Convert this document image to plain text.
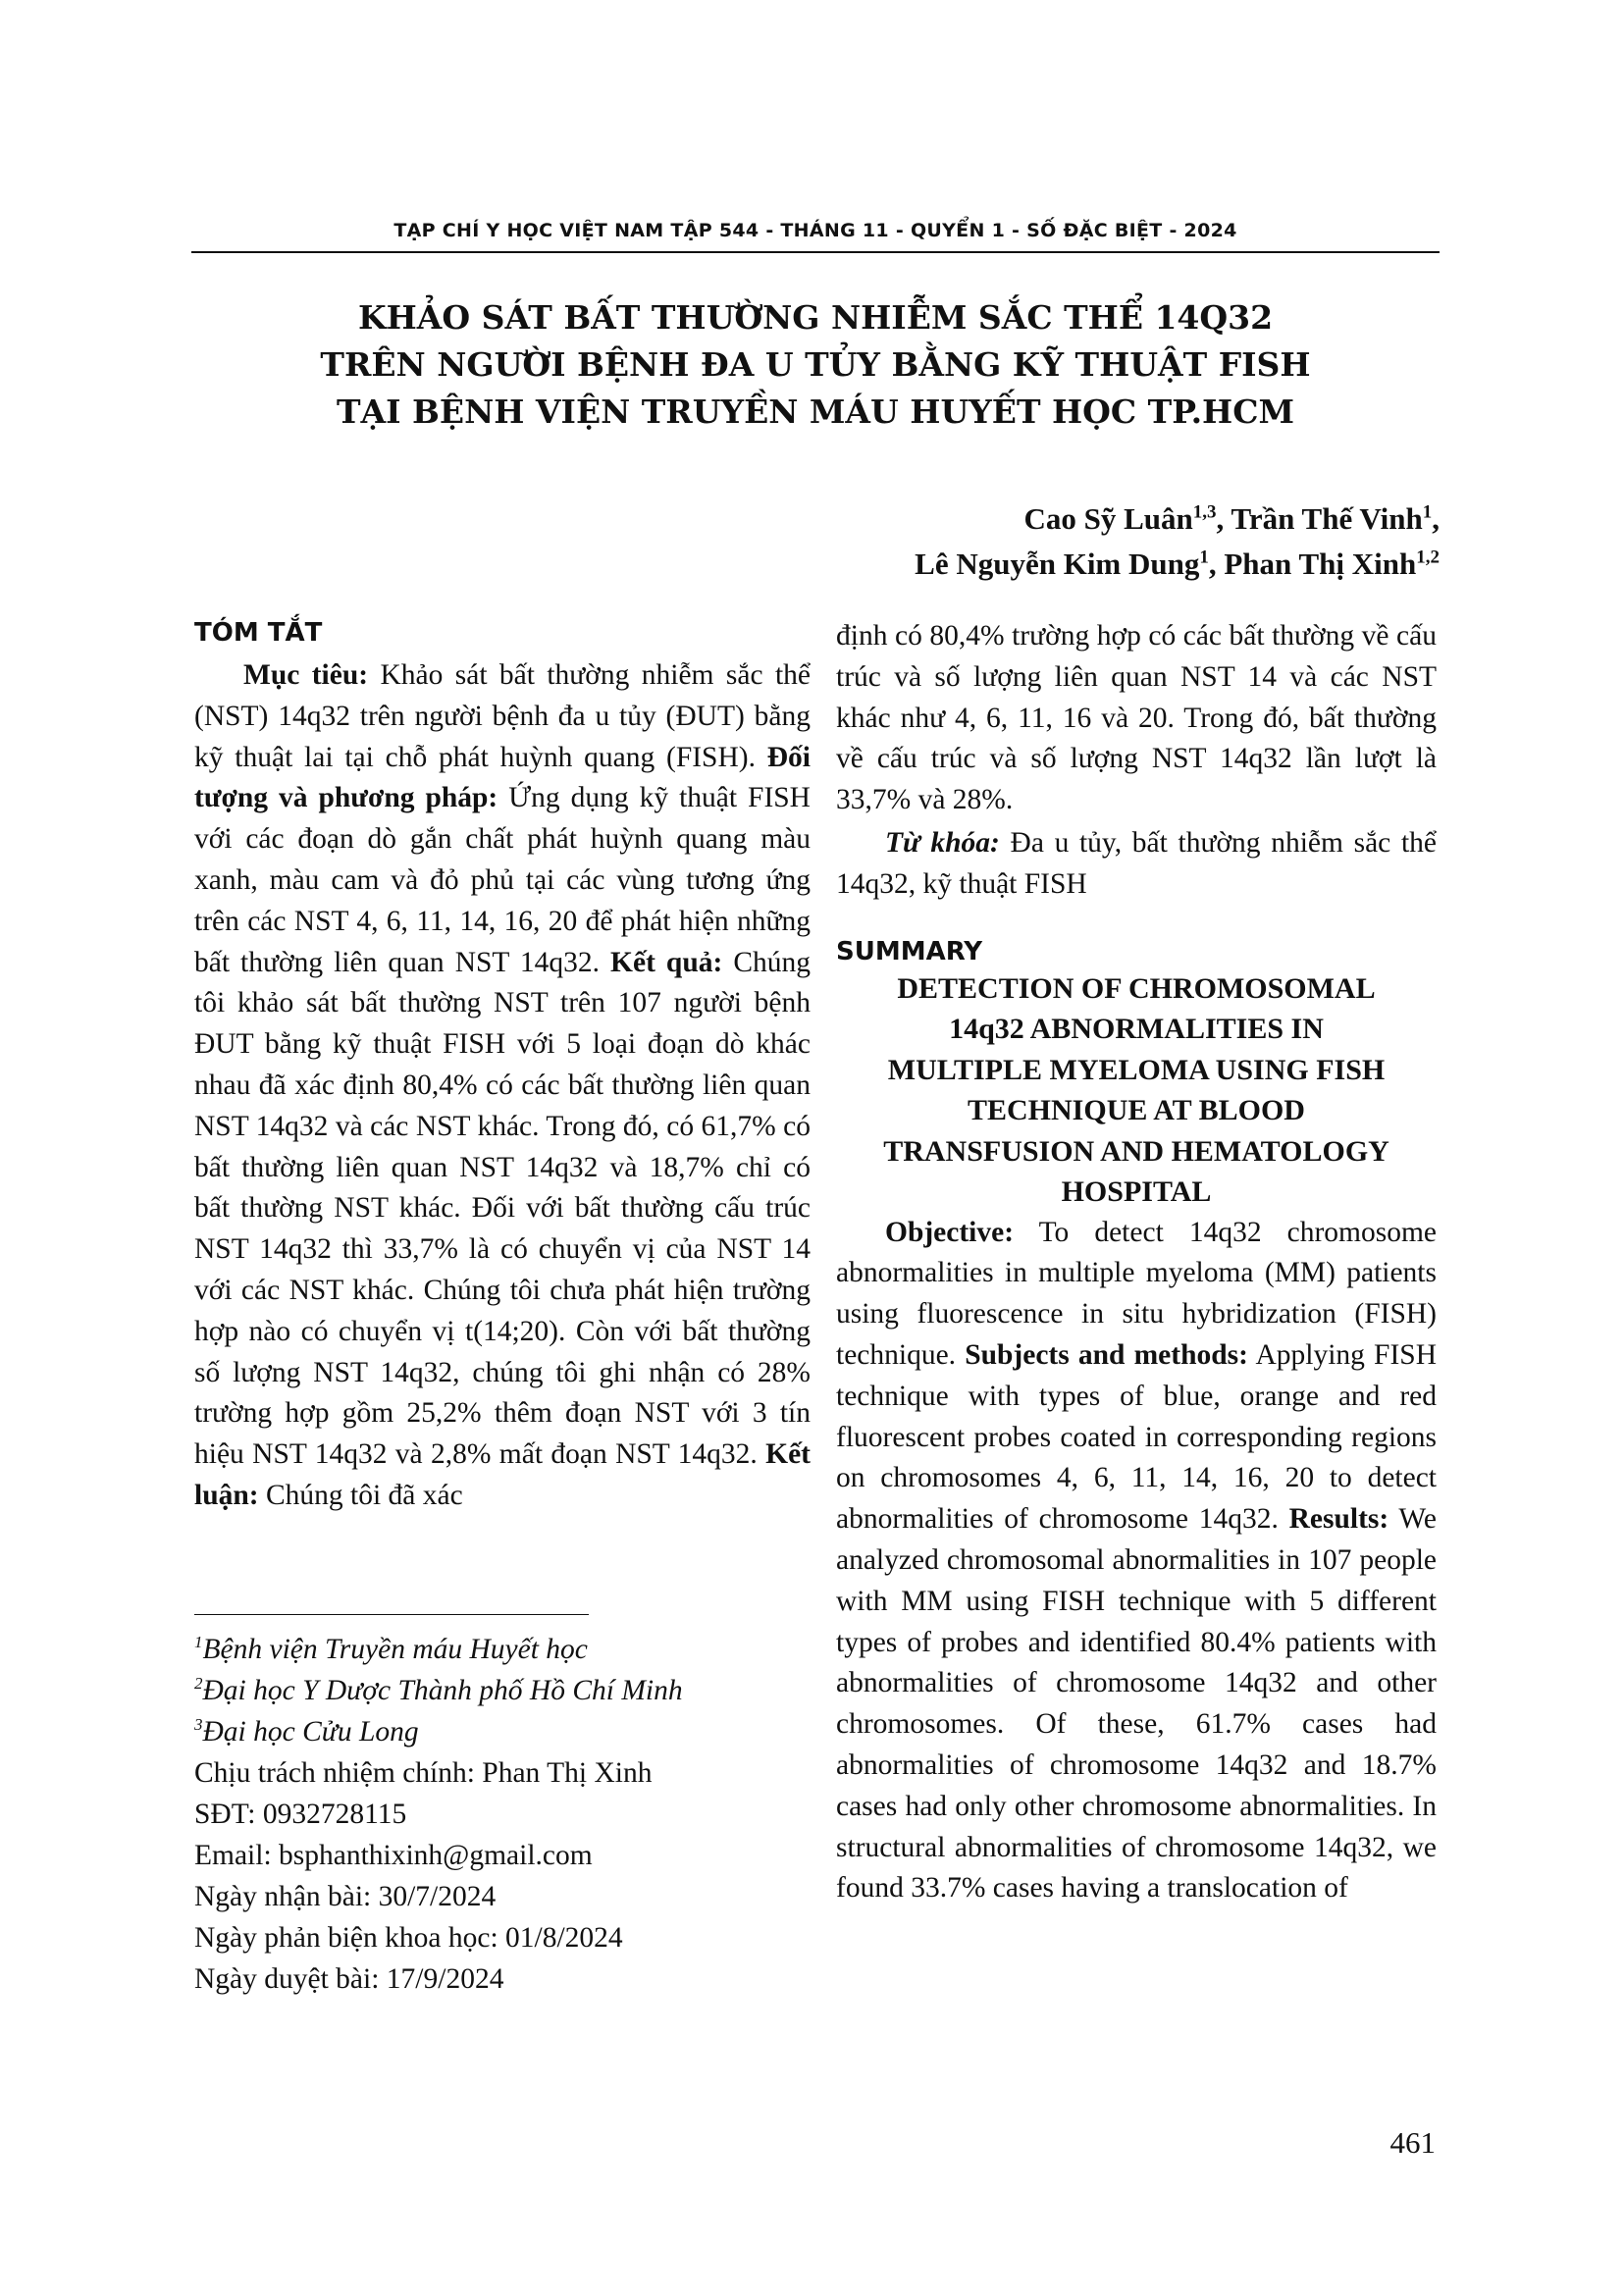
TẠP CHÍ Y HỌC VIỆT NAM TẬP 544 - THÁNG 11 - QUYỂN 1 - SỐ ĐẶC BIỆT - 2024
KHẢO SÁT BẤT THƯỜNG NHIỄM SẮC THỂ 14Q32
TRÊN NGƯỜI BỆNH ĐA U TỦY BẰNG KỸ THUẬT FISH
TẠI BỆNH VIỆN TRUYỀN MÁU HUYẾT HỌC TP.HCM
Cao Sỹ Luân$^{1,3}$, Trần Thế Vinh$^1$,
Lê Nguyễn Kim Dung$^1$, Phan Thị Xinh$^{1,2}$
TÓM TẮT
Mục tiêu: Khảo sát bất thường nhiễm sắc thể (NST) 14q32 trên người bệnh đa u tủy (ĐUT) bằng kỹ thuật lai tại chỗ phát huỳnh quang (FISH). Đối tượng và phương pháp: Ứng dụng kỹ thuật FISH với các đoạn dò gắn chất phát huỳnh quang màu xanh, màu cam và đỏ phủ tại các vùng tương ứng trên các NST 4, 6, 11, 14, 16, 20 để phát hiện những bất thường liên quan NST 14q32. Kết quả: Chúng tôi khảo sát bất thường NST trên 107 người bệnh ĐUT bằng kỹ thuật FISH với 5 loại đoạn dò khác nhau đã xác định 80,4% có các bất thường liên quan NST 14q32 và các NST khác. Trong đó, có 61,7% có bất thường liên quan NST 14q32 và 18,7% chỉ có bất thường NST khác. Đối với bất thường cấu trúc NST 14q32 thì 33,7% là có chuyển vị của NST 14 với các NST khác. Chúng tôi chưa phát hiện trường hợp nào có chuyển vị t(14;20). Còn với bất thường số lượng NST 14q32, chúng tôi ghi nhận có 28% trường hợp gồm 25,2% thêm đoạn NST với 3 tín hiệu NST 14q32 và 2,8% mất đoạn NST 14q32. Kết luận: Chúng tôi đã xác
$^1$Bệnh viện Truyền máu Huyết học
$^2$Đại học Y Dược Thành phố Hồ Chí Minh
$^3$Đại học Cửu Long
Chịu trách nhiệm chính: Phan Thị Xinh
SĐT: 0932728115
Email: bsphanthixinh@gmail.com
Ngày nhận bài: 30/7/2024
Ngày phản biện khoa học: 01/8/2024
Ngày duyệt bài: 17/9/2024
định có 80,4% trường hợp có các bất thường về cấu trúc và số lượng liên quan NST 14 và các NST khác như 4, 6, 11, 16 và 20. Trong đó, bất thường về cấu trúc và số lượng NST 14q32 lần lượt là 33,7% và 28%.
Từ khóa: Đa u tủy, bất thường nhiễm sắc thể 14q32, kỹ thuật FISH
SUMMARY
DETECTION OF CHROMOSOMAL
14q32 ABNORMALITIES IN
MULTIPLE MYELOMA USING FISH
TECHNIQUE AT BLOOD
TRANSFUSION AND HEMATOLOGY
HOSPITAL
Objective: To detect 14q32 chromosome abnormalities in multiple myeloma (MM) patients using fluorescence in situ hybridization (FISH) technique. Subjects and methods: Applying FISH technique with types of blue, orange and red fluorescent probes coated in corresponding regions on chromosomes 4, 6, 11, 14, 16, 20 to detect abnormalities of chromosome 14q32. Results: We analyzed chromosomal abnormalities in 107 people with MM using FISH technique with 5 different types of probes and identified 80.4% patients with abnormalities of chromosome 14q32 and other chromosomes. Of these, 61.7% cases had abnormalities of chromosome 14q32 and 18.7% cases had only other chromosome abnormalities. In structural abnormalities of chromosome 14q32, we found 33.7% cases having a translocation of
461
